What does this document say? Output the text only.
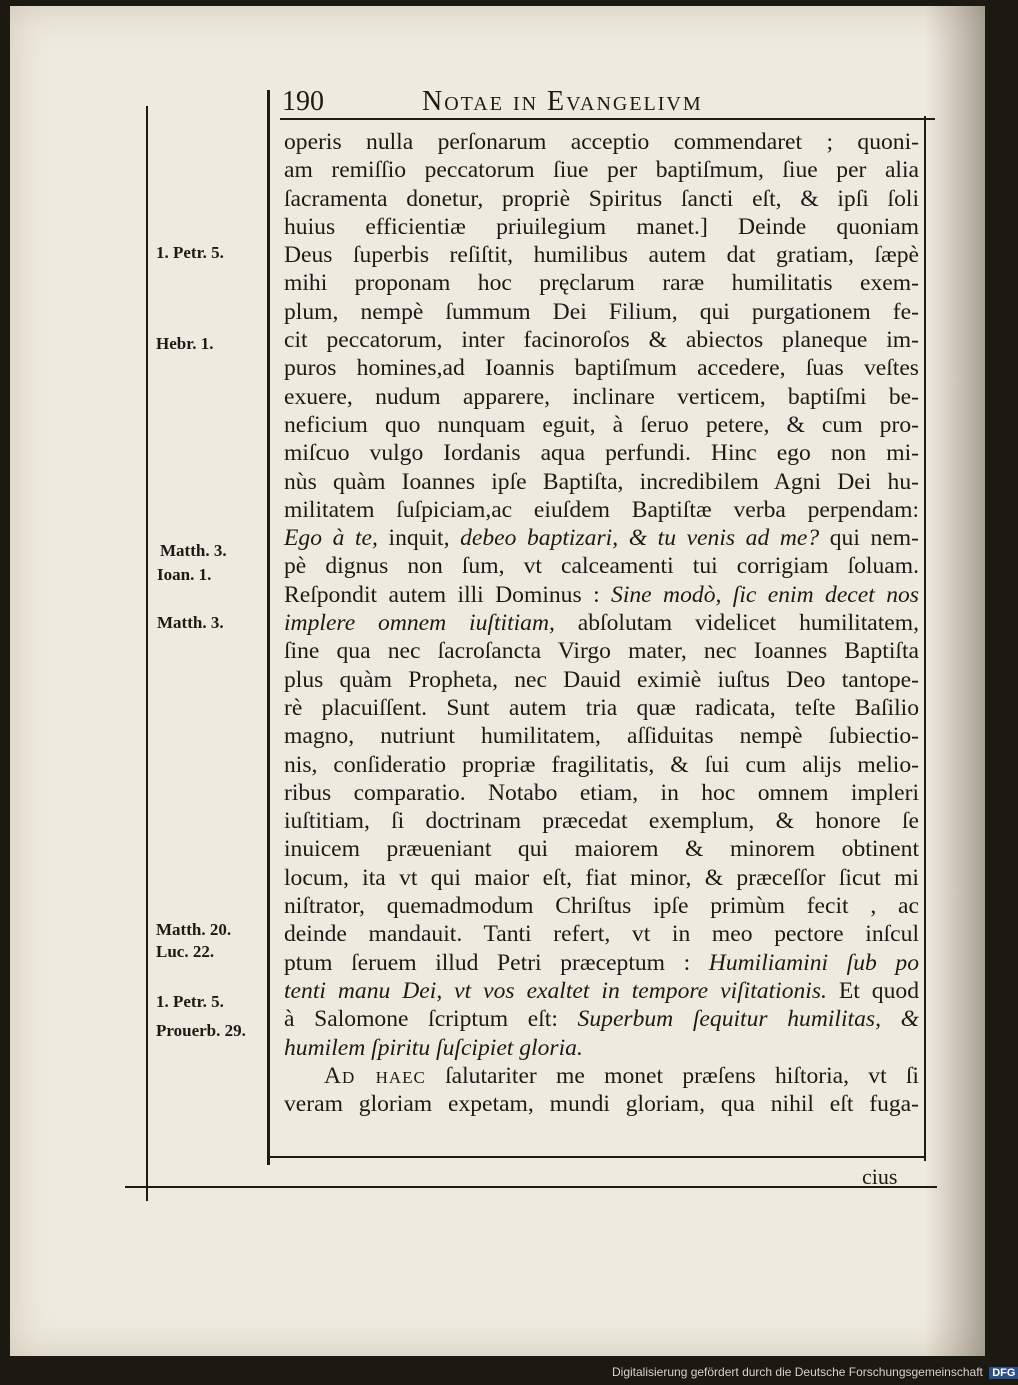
190	Notae in Evangelivm
operis nulla perſonarum acceptio commendaret ; quoni-
am remiſſio peccatorum ſiue per baptiſmum, ſiue per alia
ſacramenta donetur, propriè Spiritus ſancti eſt, & ipſi ſoli
huius efficientiæ priuilegium manet.] Deinde quoniam
Deus ſuperbis reſiſtit, humilibus autem dat gratiam, ſæpè
mihi proponam hoc pręclarum raræ humilitatis exem-
plum, nempè ſummum Dei Filium, qui purgationem fe-
cit peccatorum, inter facinoroſos & abiectos planeque im-
puros homines,ad Ioannis baptiſmum accedere, ſuas veſtes
exuere, nudum apparere, inclinare verticem, baptiſmi be-
neficium quo nunquam eguit, à ſeruo petere, & cum pro-
miſcuo vulgo Iordanis aqua perfundi. Hinc ego non mi-
nùs quàm Ioannes ipſe Baptiſta, incredibilem Agni Dei hu-
militatem ſuſpiciam,ac eiuſdem Baptiſtæ verba perpendam:
Ego à te, inquit, debeo baptizari, & tu venis ad me? qui nem-
pè dignus non ſum, vt calceamenti tui corrigiam ſoluam.
Reſpondit autem illi Dominus : Sine modò, ſic enim decet nos
implere omnem iuſtitiam, abſolutam videlicet humilitatem,
ſine qua nec ſacroſancta Virgo mater, nec Ioannes Baptiſta
plus quàm Propheta, nec Dauid eximiè iuſtus Deo tantope-
rè placuiſſent. Sunt autem tria quæ radicata, teſte Baſilio
magno, nutriunt humilitatem, aſſiduitas nempè ſubiectio-
nis, conſideratio propriæ fragilitatis, & ſui cum alijs melio-
ribus comparatio. Notabo etiam, in hoc omnem impleri
iuſtitiam, ſi doctrinam præcedat exemplum, & honore ſe
inuicem præueniant qui maiorem & minorem obtinent
locum, ita vt qui maior eſt, fiat minor, & præceſſor ſicut mi
niſtrator, quemadmodum Chriſtus ipſe primùm fecit , ac
deinde mandauit. Tanti refert, vt in meo pectore inſcul
ptum ſeruem illud Petri præceptum : Humiliamini ſub po
tenti manu Dei, vt vos exaltet in tempore viſitationis. Et quod
à Salomone ſcriptum eſt: Superbum ſequitur humilitas, &
humilem ſpiritu ſuſcipiet gloria.
Ad haec ſalutariter me monet præſens hiſtoria, vt ſi
veram gloriam expetam, mundi gloriam, qua nihil eſt fuga-
1. Petr. 5.
Hebr. 1.
Matth. 3.
Ioan. 1.
Matth. 3.
Matth. 20.
Luc. 22.
1. Petr. 5.
Prouerb. 29.
cius
Digitalisierung gefördert durch die Deutsche Forschungsgemeinschaft DFG
